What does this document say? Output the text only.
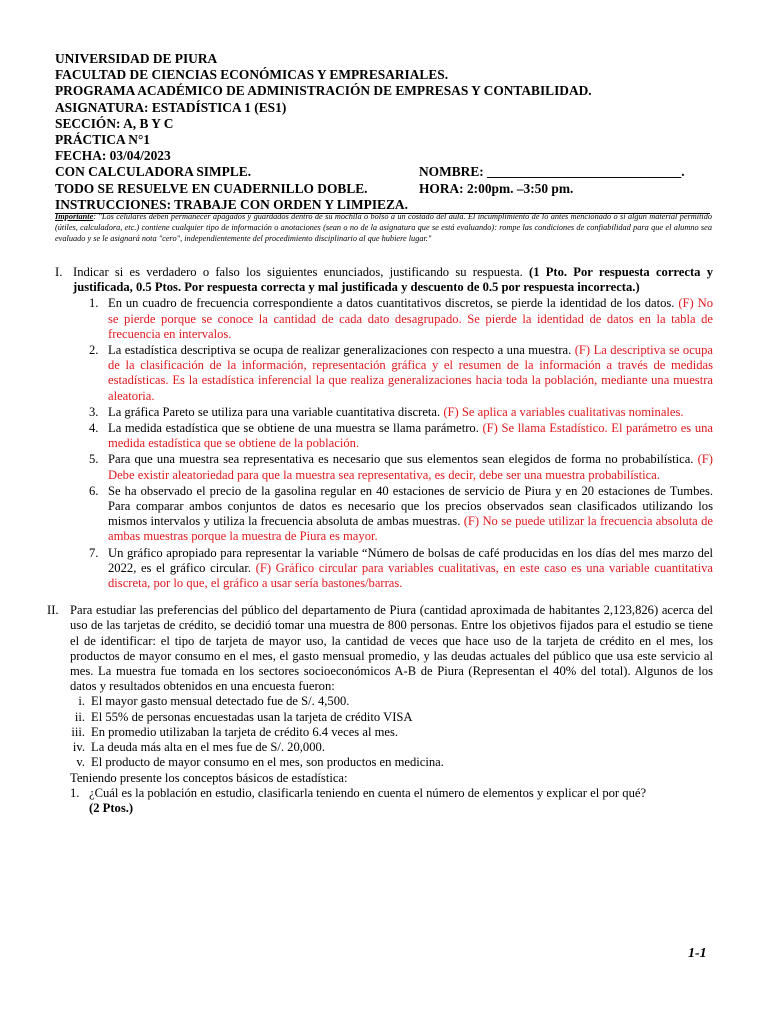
UNIVERSIDAD DE PIURA
FACULTAD DE CIENCIAS ECONÓMICAS Y EMPRESARIALES.
PROGRAMA ACADÉMICO DE ADMINISTRACIÓN DE EMPRESAS Y CONTABILIDAD.
ASIGNATURA: ESTADÍSTICA 1 (ES1)
SECCIÓN: A, B Y C
PRÁCTICA N°1
FECHA: 03/04/2023
CON CALCULADORA SIMPLE.	NOMBRE: _____________________________.
TODO SE RESUELVE EN CUADERNILLO DOBLE.	HORA: 2:00pm. –3:50 pm.
INSTRUCCIONES: TRABAJE CON ORDEN Y LIMPIEZA.
Importante: "Los celulares deben permanecer apagados y guardados dentro de su mochila o bolso a un costado del aula. El incumplimiento de lo antes mencionado o si algún material permitido (útiles, calculadora, etc.) contiene cualquier tipo de información o anotaciones (sean o no de la asignatura que se está evaluando): rompe las condiciones de confiabilidad para que el alumno sea evaluado y se le asignará nota "cero", independientemente del procedimiento disciplinario al que hubiere lugar."
I. Indicar si es verdadero o falso los siguientes enunciados, justificando su respuesta. (1 Pto. Por respuesta correcta y justificada, 0.5 Ptos. Por respuesta correcta y mal justificada y descuento de 0.5 por respuesta incorrecta.)
1. En un cuadro de frecuencia correspondiente a datos cuantitativos discretos, se pierde la identidad de los datos. (F) No se pierde porque se conoce la cantidad de cada dato desagrupado. Se pierde la identidad de datos en la tabla de frecuencia en intervalos.
2. La estadística descriptiva se ocupa de realizar generalizaciones con respecto a una muestra. (F) La descriptiva se ocupa de la clasificación de la información, representación gráfica y el resumen de la información a través de medidas estadísticas. Es la estadística inferencial la que realiza generalizaciones hacia toda la población, mediante una muestra aleatoria.
3. La gráfica Pareto se utiliza para una variable cuantitativa discreta. (F) Se aplica a variables cualitativas nominales.
4. La medida estadística que se obtiene de una muestra se llama parámetro. (F) Se llama Estadístico. El parámetro es una medida estadística que se obtiene de la población.
5. Para que una muestra sea representativa es necesario que sus elementos sean elegidos de forma no probabilística. (F) Debe existir aleatoriedad para que la muestra sea representativa, es decir, debe ser una muestra probabilística.
6. Se ha observado el precio de la gasolina regular en 40 estaciones de servicio de Piura y en 20 estaciones de Tumbes. Para comparar ambos conjuntos de datos es necesario que los precios observados sean clasificados utilizando los mismos intervalos y utiliza la frecuencia absoluta de ambas muestras. (F) No se puede utilizar la frecuencia absoluta de ambas muestras porque la muestra de Piura es mayor.
7. Un gráfico apropiado para representar la variable “Número de bolsas de café producidas en los días del mes marzo del 2022, es el gráfico circular. (F) Gráfico circular para variables cualitativas, en este caso es una variable cuantitativa discreta, por lo que, el gráfico a usar sería bastones/barras.
II. Para estudiar las preferencias del público del departamento de Piura (cantidad aproximada de habitantes 2,123,826) acerca del uso de las tarjetas de crédito, se decidió tomar una muestra de 800 personas. Entre los objetivos fijados para el estudio se tiene el de identificar: el tipo de tarjeta de mayor uso, la cantidad de veces que hace uso de la tarjeta de crédito en el mes, los productos de mayor consumo en el mes, el gasto mensual promedio, y las deudas actuales del público que usa este servicio al mes. La muestra fue tomada en los sectores socioeconómicos A-B de Piura (Representan el 40% del total). Algunos de los datos y resultados obtenidos en una encuesta fueron:
i. El mayor gasto mensual detectado fue de S/. 4,500.
ii. El 55% de personas encuestadas usan la tarjeta de crédito VISA
iii. En promedio utilizaban la tarjeta de crédito 6.4 veces al mes.
iv. La deuda más alta en el mes fue de S/. 20,000.
v. El producto de mayor consumo en el mes, son productos en medicina.
Teniendo presente los conceptos básicos de estadística:
1. ¿Cuál es la población en estudio, clasificarla teniendo en cuenta el número de elementos y explicar el por qué?
(2 Ptos.)
1-1
